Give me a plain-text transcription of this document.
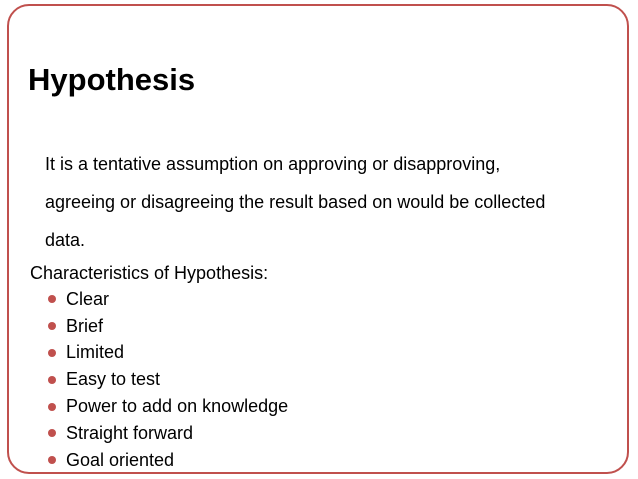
Hypothesis

It is a tentative assumption on approving or disapproving,
agreeing or disagreeing the result based on would be collected
data.

Characteristics of Hypothesis:

Clear
Brief
Limited
Easy to test
Power to add on knowledge
Straight forward
Goal oriented
